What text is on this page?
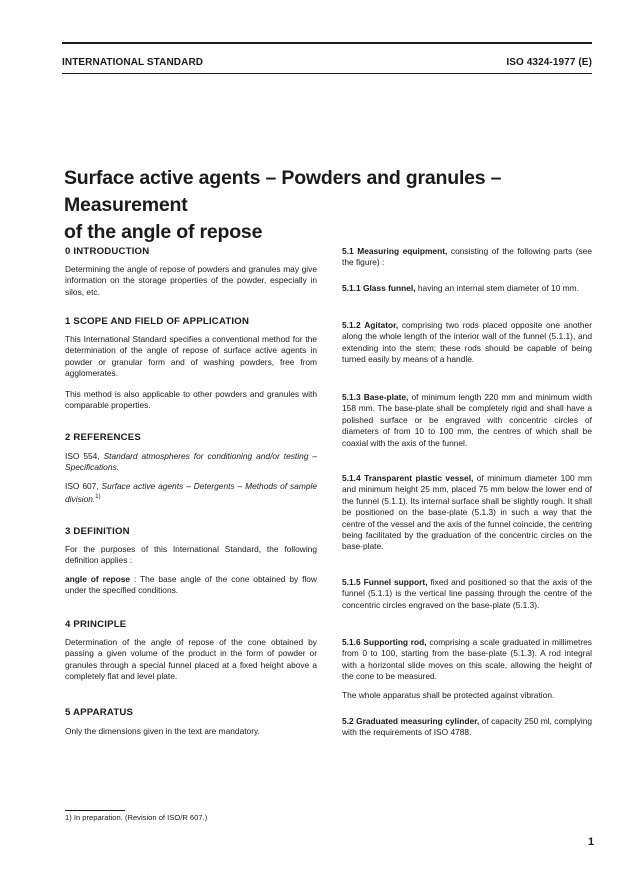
INTERNATIONAL STANDARD	ISO 4324-1977 (E)
Surface active agents – Powders and granules – Measurement
of the angle of repose
0 INTRODUCTION

Determining the angle of repose of powders and granules may give information on the storage properties of the powder, especially in silos, etc.

1 SCOPE AND FIELD OF APPLICATION

This International Standard specifies a conventional method for the determination of the angle of repose of surface active agents in powder or granular form and of washing powders, free from agglomerates.

This method is also applicable to other powders and granules with comparable properties.

2 REFERENCES

ISO 554, Standard atmospheres for conditioning and/or testing – Specifications.

ISO 607, Surface active agents – Detergents – Methods of sample division.$^{1)}$

3 DEFINITION

For the purposes of this International Standard, the following definition applies :

angle of repose : The base angle of the cone obtained by flow under the specified conditions.

4 PRINCIPLE

Determination of the angle of repose of the cone obtained by passing a given volume of the product in the form of powder or granules through a special funnel placed at a fixed height above a completely flat and level plate.

5 APPARATUS

Only the dimensions given in the text are mandatory.

5.1 Measuring equipment, consisting of the following parts (see the figure) :

5.1.1 Glass funnel, having an internal stem diameter of 10 mm.

5.1.2 Agitator, comprising two rods placed opposite one another along the whole length of the interior wall of the funnel (5.1.1), and extending into the stem; these rods should be capable of being turned easily by means of a handle.

5.1.3 Base-plate, of minimum length 220 mm and minimum width 158 mm. The base-plate shall be completely rigid and shall have a polished surface or be engraved with concentric circles of diameters of from 10 to 100 mm, the centres of which shall be coaxial with the axis of the funnel.

5.1.4 Transparent plastic vessel, of minimum diameter 100 mm and minimum height 25 mm, placed 75 mm below the lower end of the funnel (5.1.1). Its internal surface shall be slightly rough. It shall be positioned on the base-plate (5.1.3) in such a way that the centre of the vessel and the axis of the funnel coincide, the centring being facilitated by the graduation of the concentric circles on the base-plate.

5.1.5 Funnel support, fixed and positioned so that the axis of the funnel (5.1.1) is the vertical line passing through the centre of the concentric circles engraved on the base-plate (5.1.3).

5.1.6 Supporting rod, comprising a scale graduated in millimetres from 0 to 100, starting from the base-plate (5.1.3). A rod integral with a horizontal slide moves on this scale, allowing the height of the cone to be measured.

The whole apparatus shall be protected against vibration.

5.2 Graduated measuring cylinder, of capacity 250 ml, complying with the requirements of ISO 4788.

1) In preparation. (Revision of ISO/R 607.)
1
